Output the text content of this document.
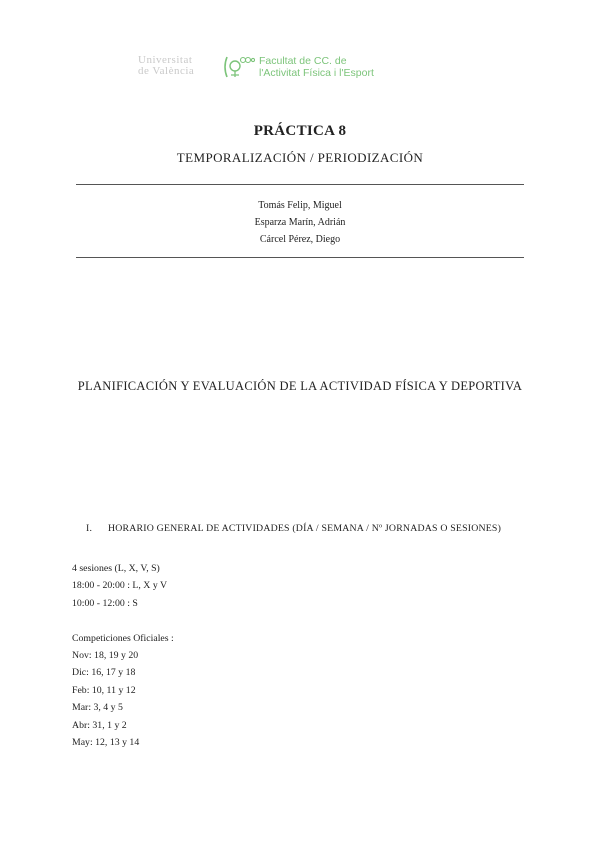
Universitat
de València
Facultat de CC. de
l'Activitat Física i l'Esport
PRÁCTICA 8
TEMPORALIZACIÓN / PERIODIZACIÓN
Tomás Felip, Miguel
Esparza Marín, Adrián
Cárcel Pérez, Diego
PLANIFICACIÓN Y EVALUACIÓN DE LA ACTIVIDAD FÍSICA Y DEPORTIVA
I. HORARIO GENERAL DE ACTIVIDADES (DÍA / SEMANA / Nº JORNADAS O SESIONES)
4 sesiones (L, X, V, S)
18:00 - 20:00 : L, X y V
10:00 - 12:00 : S
Competiciones Oficiales :
Nov: 18, 19 y 20
Dic: 16, 17 y 18
Feb: 10, 11 y 12
Mar: 3, 4 y 5
Abr: 31, 1 y 2
May: 12, 13 y 14
